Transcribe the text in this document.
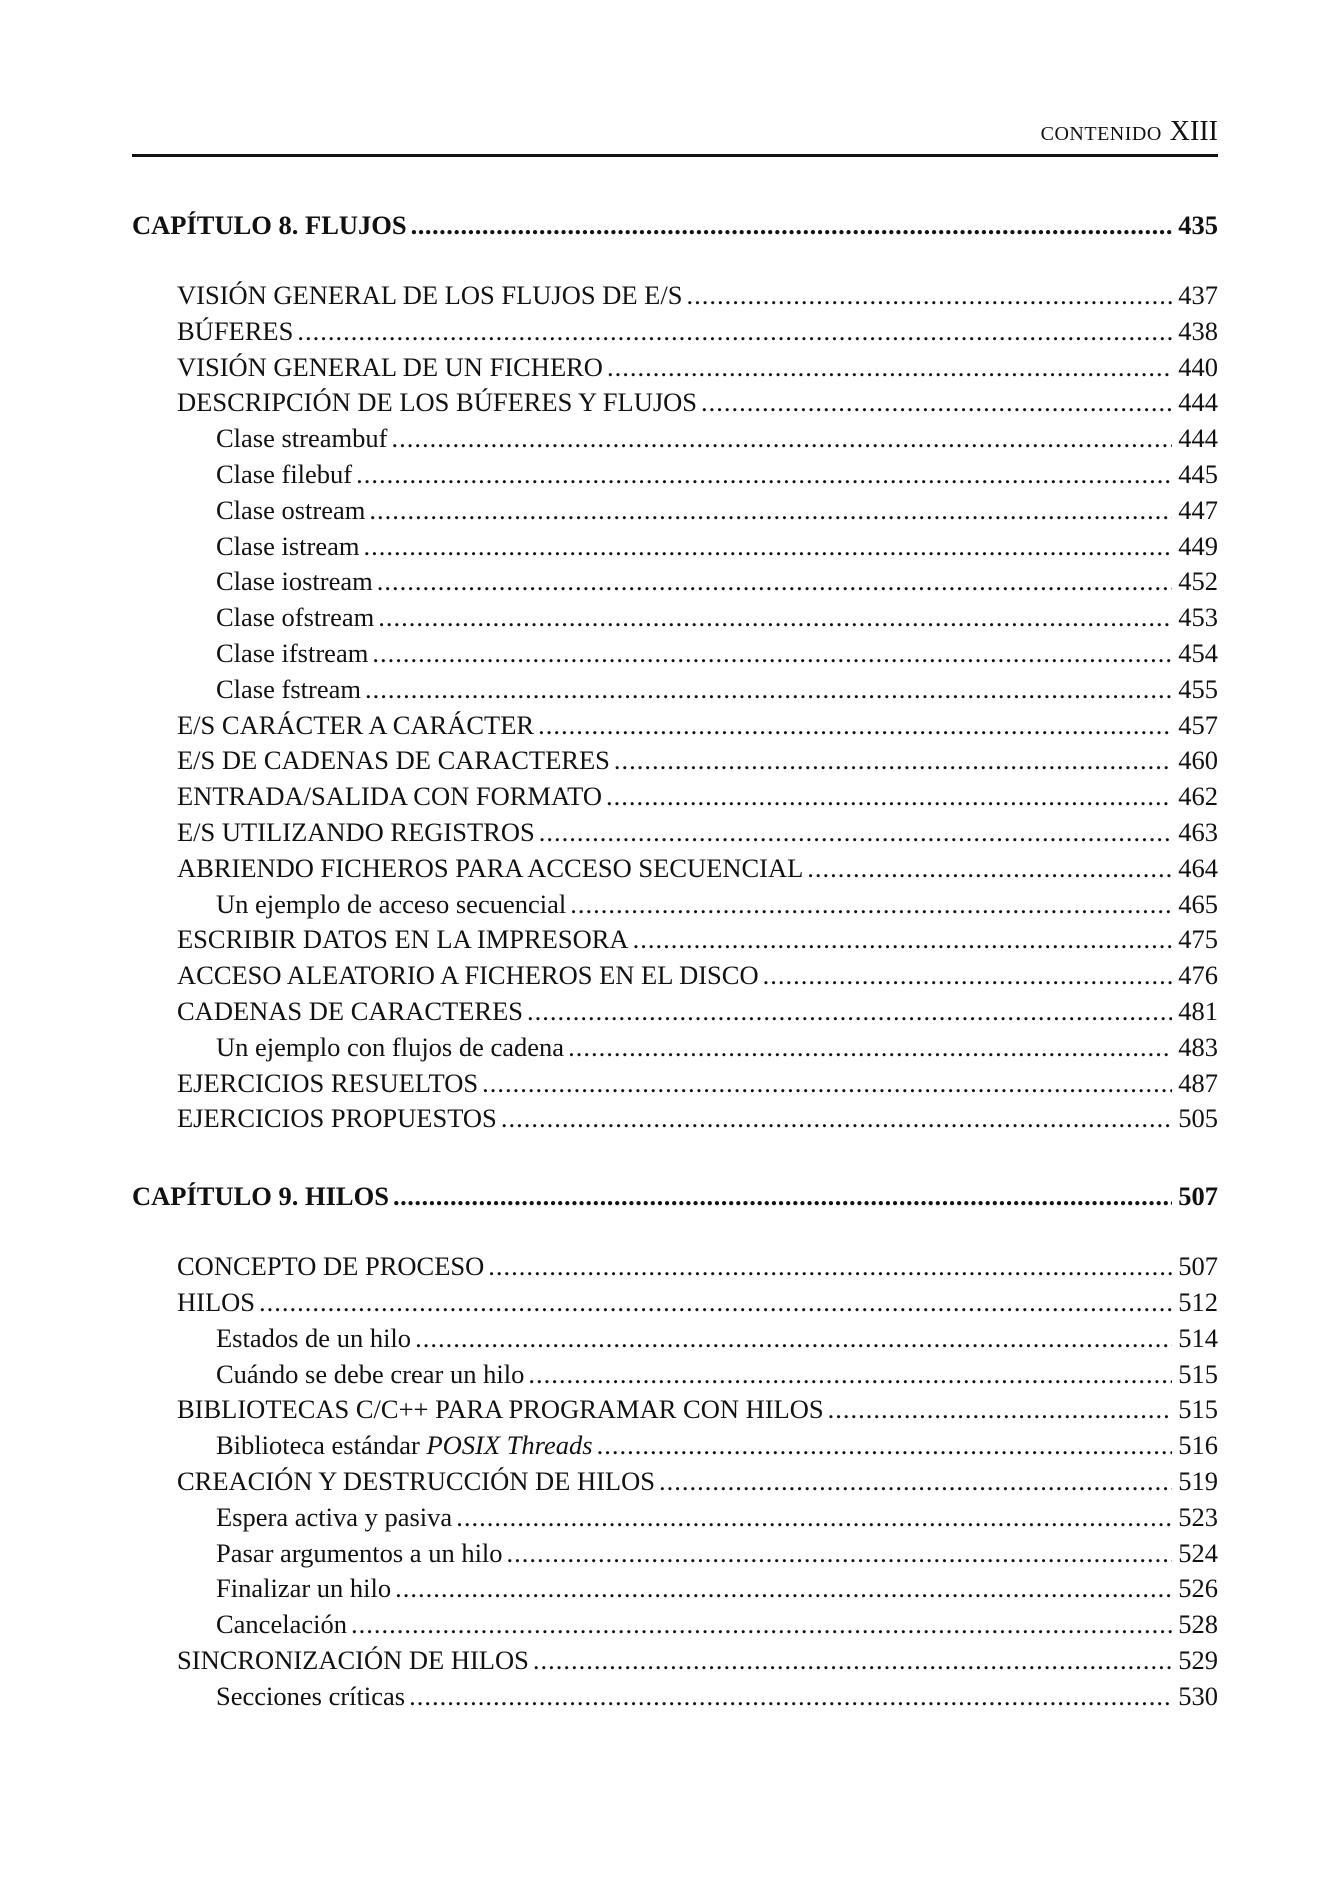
CONTENIDO XIII
CAPÍTULO 8. FLUJOS .....	435
VISIÓN GENERAL DE LOS FLUJOS DE E/S .....	437
BÚFERES .....	438
VISIÓN GENERAL DE UN FICHERO .....	440
DESCRIPCIÓN DE LOS BÚFERES Y FLUJOS .....	444
Clase streambuf .....	444
Clase filebuf .....	445
Clase ostream .....	447
Clase istream .....	449
Clase iostream .....	452
Clase ofstream .....	453
Clase ifstream .....	454
Clase fstream .....	455
E/S CARÁCTER A CARÁCTER .....	457
E/S DE CADENAS DE CARACTERES .....	460
ENTRADA/SALIDA CON FORMATO .....	462
E/S UTILIZANDO REGISTROS .....	463
ABRIENDO FICHEROS PARA ACCESO SECUENCIAL .....	464
Un ejemplo de acceso secuencial .....	465
ESCRIBIR DATOS EN LA IMPRESORA .....	475
ACCESO ALEATORIO A FICHEROS EN EL DISCO .....	476
CADENAS DE CARACTERES .....	481
Un ejemplo con flujos de cadena .....	483
EJERCICIOS RESUELTOS .....	487
EJERCICIOS PROPUESTOS .....	505
CAPÍTULO 9. HILOS .....	507
CONCEPTO DE PROCESO .....	507
HILOS .....	512
Estados de un hilo .....	514
Cuándo se debe crear un hilo .....	515
BIBLIOTECAS C/C++ PARA PROGRAMAR CON HILOS .....	515
Biblioteca estándar POSIX Threads .....	516
CREACIÓN Y DESTRUCCIÓN DE HILOS .....	519
Espera activa y pasiva .....	523
Pasar argumentos a un hilo .....	524
Finalizar un hilo .....	526
Cancelación .....	528
SINCRONIZACIÓN DE HILOS .....	529
Secciones críticas .....	530
